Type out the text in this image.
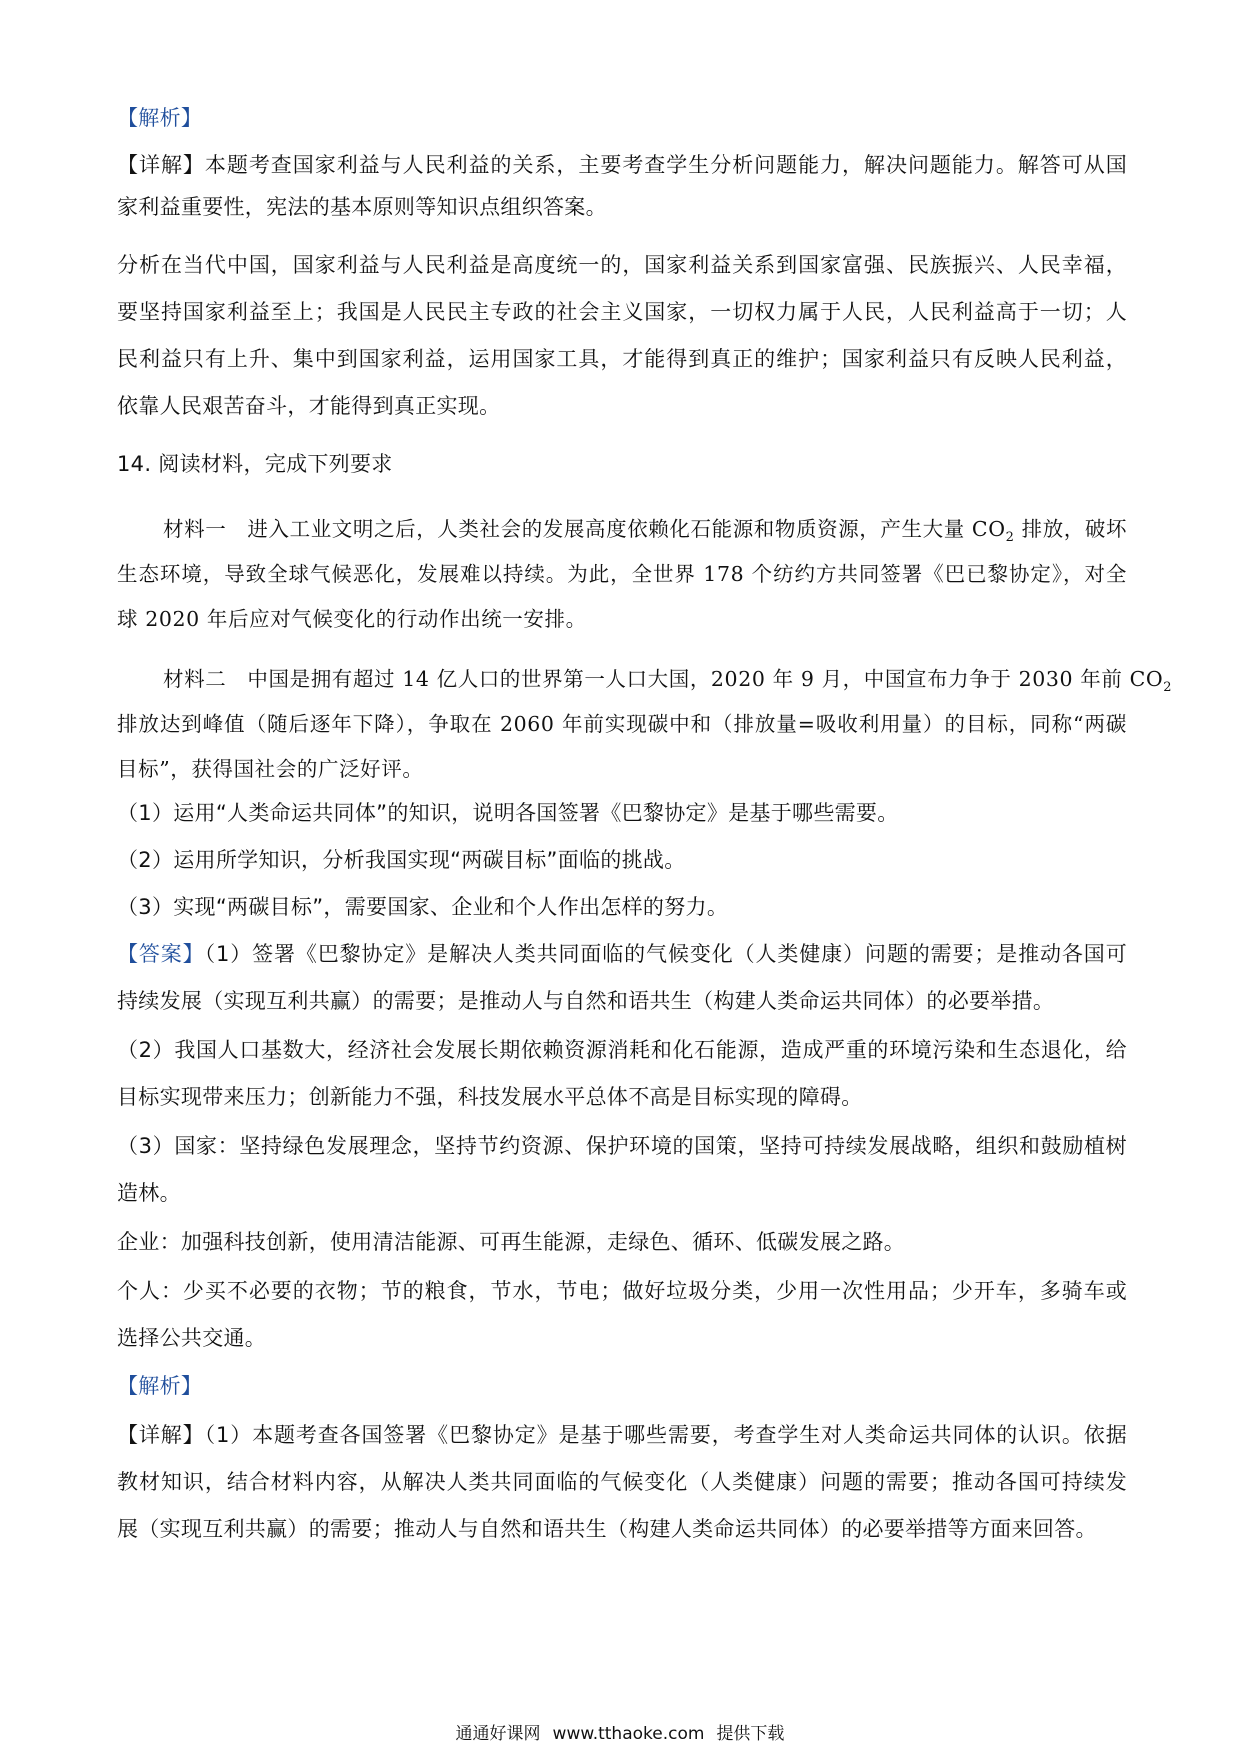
【解析】
【详解】本题考查国家利益与人民利益的关系，主要考查学生分析问题能力，解决问题能力。解答可从国
家利益重要性，宪法的基本原则等知识点组织答案。
分析在当代中国，国家利益与人民利益是高度统一的，国家利益关系到国家富强、民族振兴、人民幸福，
要坚持国家利益至上；我国是人民民主专政的社会主义国家，一切权力属于人民，人民利益高于一切；人
民利益只有上升、集中到国家利益，运用国家工具，才能得到真正的维护；国家利益只有反映人民利益，
依靠人民艰苦奋斗，才能得到真正实现。
14. 阅读材料，完成下列要求
材料一　进入工业文明之后，人类社会的发展高度依赖化石能源和物质资源，产生大量 $CO_2$ 排放，破坏
生态环境，导致全球气候恶化，发展难以持续。为此，全世界 178 个纺约方共同签署《巴已黎协定》，对全
球 2020 年后应对气候变化的行动作出统一安排。
材料二　中国是拥有超过 14 亿人口的世界第一人口大国，2020 年 9 月，中国宣布力争于 2030 年前 $CO_2$
排放达到峰值（随后逐年下降），争取在 2060 年前实现碳中和（排放量=吸收利用量）的目标，同称“两碳
目标”，获得国社会的广泛好评。
（1）运用“人类命运共同体”的知识，说明各国签署《巴黎协定》是基于哪些需要。
（2）运用所学知识，分析我国实现“两碳目标”面临的挑战。
（3）实现“两碳目标”，需要国家、企业和个人作出怎样的努力。
【答案】（1）签署《巴黎协定》是解决人类共同面临的气候变化（人类健康）问题的需要；是推动各国可
持续发展（实现互利共赢）的需要；是推动人与自然和语共生（构建人类命运共同体）的必要举措。
（2）我国人口基数大，经济社会发展长期依赖资源消耗和化石能源，造成严重的环境污染和生态退化，给
目标实现带来压力；创新能力不强，科技发展水平总体不高是目标实现的障碍。
（3）国家：坚持绿色发展理念，坚持节约资源、保护环境的国策，坚持可持续发展战略，组织和鼓励植树
造林。
企业：加强科技创新，使用清洁能源、可再生能源，走绿色、循环、低碳发展之路。
个人：少买不必要的衣物；节的粮食，节水，节电；做好垃圾分类，少用一次性用品；少开车，多骑车或
选择公共交通。
【解析】
【详解】（1）本题考查各国签署《巴黎协定》是基于哪些需要，考查学生对人类命运共同体的认识。依据
教材知识，结合材料内容，从解决人类共同面临的气候变化（人类健康）问题的需要；推动各国可持续发
展（实现互利共赢）的需要；推动人与自然和语共生（构建人类命运共同体）的必要举措等方面来回答。
通通好课网 www.tthaoke.com 提供下载
